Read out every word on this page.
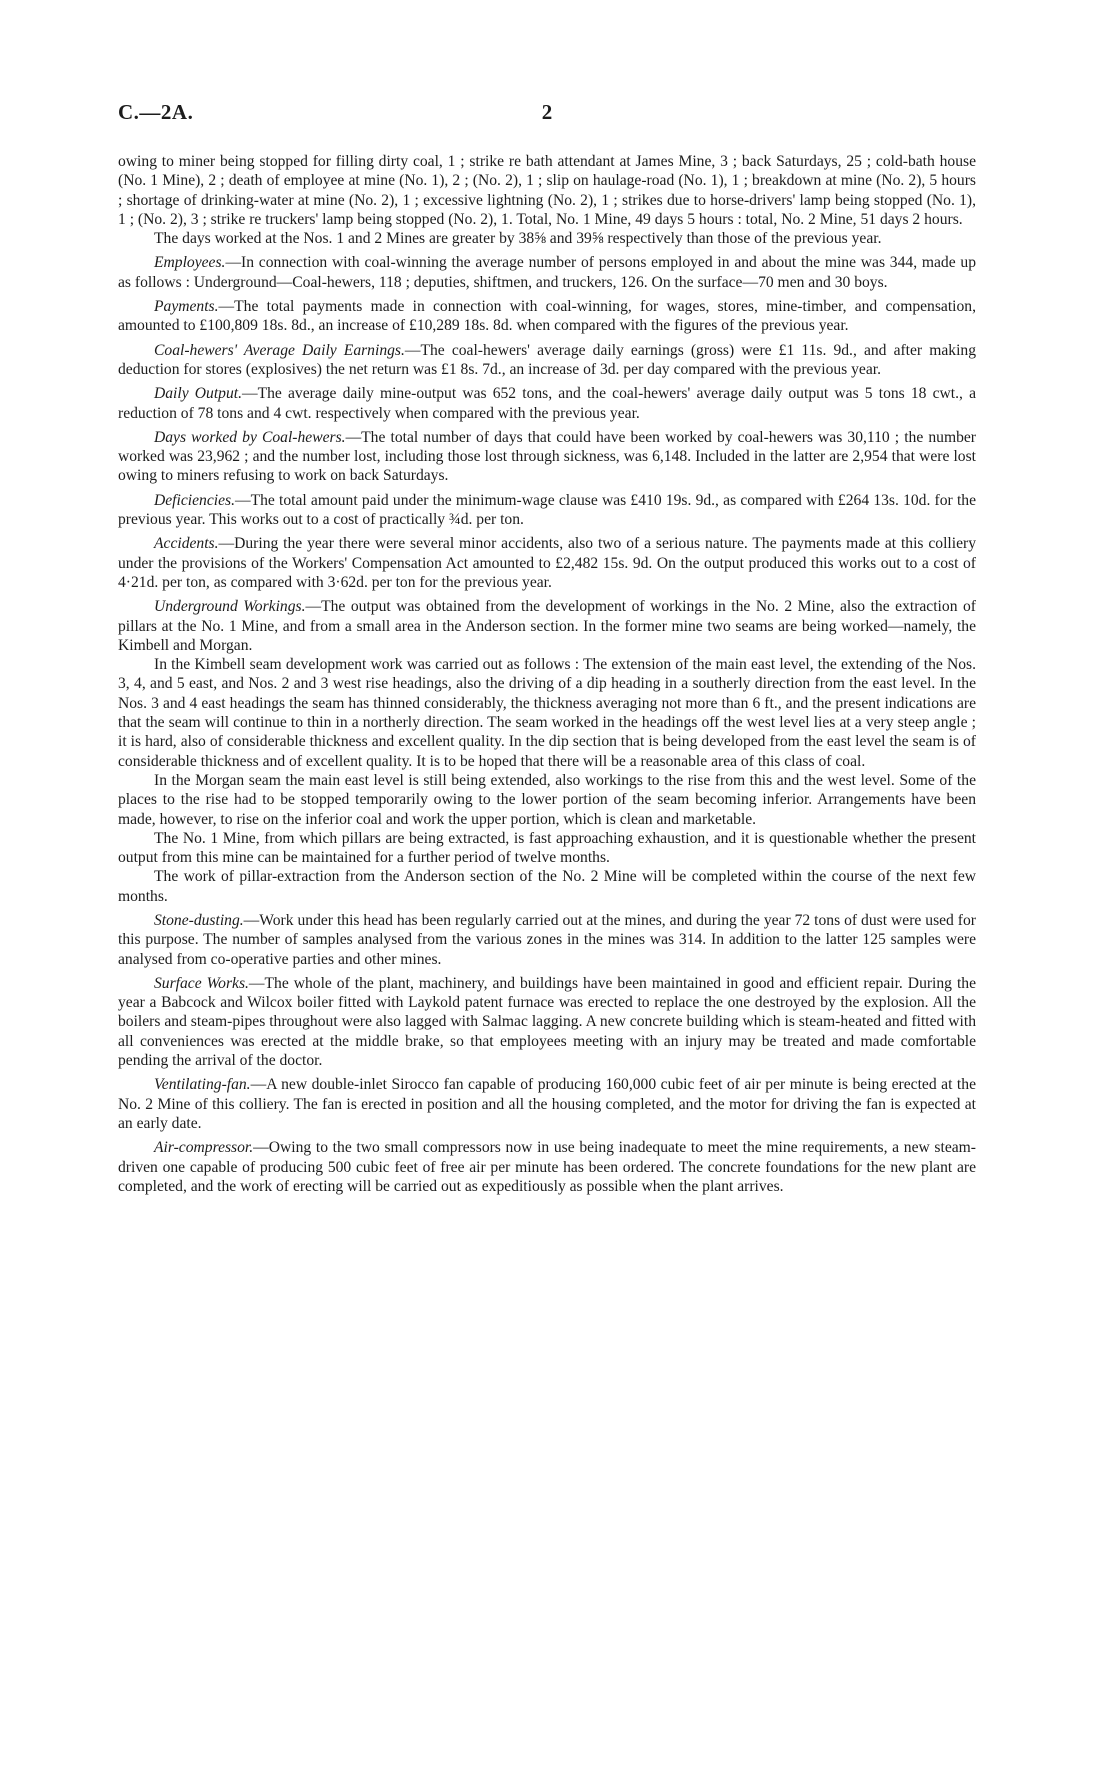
C.—2A.	2

owing to miner being stopped for filling dirty coal, 1 ; strike re bath attendant at James Mine, 3 ; back Saturdays, 25 ; cold-bath house (No. 1 Mine), 2 ; death of employee at mine (No. 1), 2 ; (No. 2), 1 ; slip on haulage-road (No. 1), 1 ; breakdown at mine (No. 2), 5 hours ; shortage of drinking-water at mine (No. 2), 1 ; excessive lightning (No. 2), 1 ; strikes due to horse-drivers' lamp being stopped (No. 1), 1 ; (No. 2), 3 ; strike re truckers' lamp being stopped (No. 2), 1. Total, No. 1 Mine, 49 days 5 hours : total, No. 2 Mine, 51 days 2 hours.

The days worked at the Nos. 1 and 2 Mines are greater by 38⅝ and 39⅝ respectively than those of the previous year.

Employees.—In connection with coal-winning the average number of persons employed in and about the mine was 344, made up as follows : Underground—Coal-hewers, 118 ; deputies, shiftmen, and truckers, 126. On the surface—70 men and 30 boys.

Payments.—The total payments made in connection with coal-winning, for wages, stores, mine-timber, and compensation, amounted to £100,809 18s. 8d., an increase of £10,289 18s. 8d. when compared with the figures of the previous year.

Coal-hewers' Average Daily Earnings.—The coal-hewers' average daily earnings (gross) were £1 11s. 9d., and after making deduction for stores (explosives) the net return was £1 8s. 7d., an increase of 3d. per day compared with the previous year.

Daily Output.—The average daily mine-output was 652 tons, and the coal-hewers' average daily output was 5 tons 18 cwt., a reduction of 78 tons and 4 cwt. respectively when compared with the previous year.

Days worked by Coal-hewers.—The total number of days that could have been worked by coal-hewers was 30,110 ; the number worked was 23,962 ; and the number lost, including those lost through sickness, was 6,148. Included in the latter are 2,954 that were lost owing to miners refusing to work on back Saturdays.

Deficiencies.—The total amount paid under the minimum-wage clause was £410 19s. 9d., as compared with £264 13s. 10d. for the previous year. This works out to a cost of practically ¾d. per ton.

Accidents.—During the year there were several minor accidents, also two of a serious nature. The payments made at this colliery under the provisions of the Workers' Compensation Act amounted to £2,482 15s. 9d. On the output produced this works out to a cost of 4·21d. per ton, as compared with 3·62d. per ton for the previous year.

Underground Workings.—The output was obtained from the development of workings in the No. 2 Mine, also the extraction of pillars at the No. 1 Mine, and from a small area in the Anderson section. In the former mine two seams are being worked—namely, the Kimbell and Morgan.

In the Kimbell seam development work was carried out as follows : The extension of the main east level, the extending of the Nos. 3, 4, and 5 east, and Nos. 2 and 3 west rise headings, also the driving of a dip heading in a southerly direction from the east level. In the Nos. 3 and 4 east headings the seam has thinned considerably, the thickness averaging not more than 6 ft., and the present indications are that the seam will continue to thin in a northerly direction. The seam worked in the headings off the west level lies at a very steep angle ; it is hard, also of considerable thickness and excellent quality. In the dip section that is being developed from the east level the seam is of considerable thickness and of excellent quality. It is to be hoped that there will be a reasonable area of this class of coal.

In the Morgan seam the main east level is still being extended, also workings to the rise from this and the west level. Some of the places to the rise had to be stopped temporarily owing to the lower portion of the seam becoming inferior. Arrangements have been made, however, to rise on the inferior coal and work the upper portion, which is clean and marketable.

The No. 1 Mine, from which pillars are being extracted, is fast approaching exhaustion, and it is questionable whether the present output from this mine can be maintained for a further period of twelve months.

The work of pillar-extraction from the Anderson section of the No. 2 Mine will be completed within the course of the next few months.

Stone-dusting.—Work under this head has been regularly carried out at the mines, and during the year 72 tons of dust were used for this purpose. The number of samples analysed from the various zones in the mines was 314. In addition to the latter 125 samples were analysed from co-operative parties and other mines.

Surface Works.—The whole of the plant, machinery, and buildings have been maintained in good and efficient repair. During the year a Babcock and Wilcox boiler fitted with Laykold patent furnace was erected to replace the one destroyed by the explosion. All the boilers and steam-pipes throughout were also lagged with Salmac lagging. A new concrete building which is steam-heated and fitted with all conveniences was erected at the middle brake, so that employees meeting with an injury may be treated and made comfortable pending the arrival of the doctor.

Ventilating-fan.—A new double-inlet Sirocco fan capable of producing 160,000 cubic feet of air per minute is being erected at the No. 2 Mine of this colliery. The fan is erected in position and all the housing completed, and the motor for driving the fan is expected at an early date.

Air-compressor.—Owing to the two small compressors now in use being inadequate to meet the mine requirements, a new steam-driven one capable of producing 500 cubic feet of free air per minute has been ordered. The concrete foundations for the new plant are completed, and the work of erecting will be carried out as expeditiously as possible when the plant arrives.
